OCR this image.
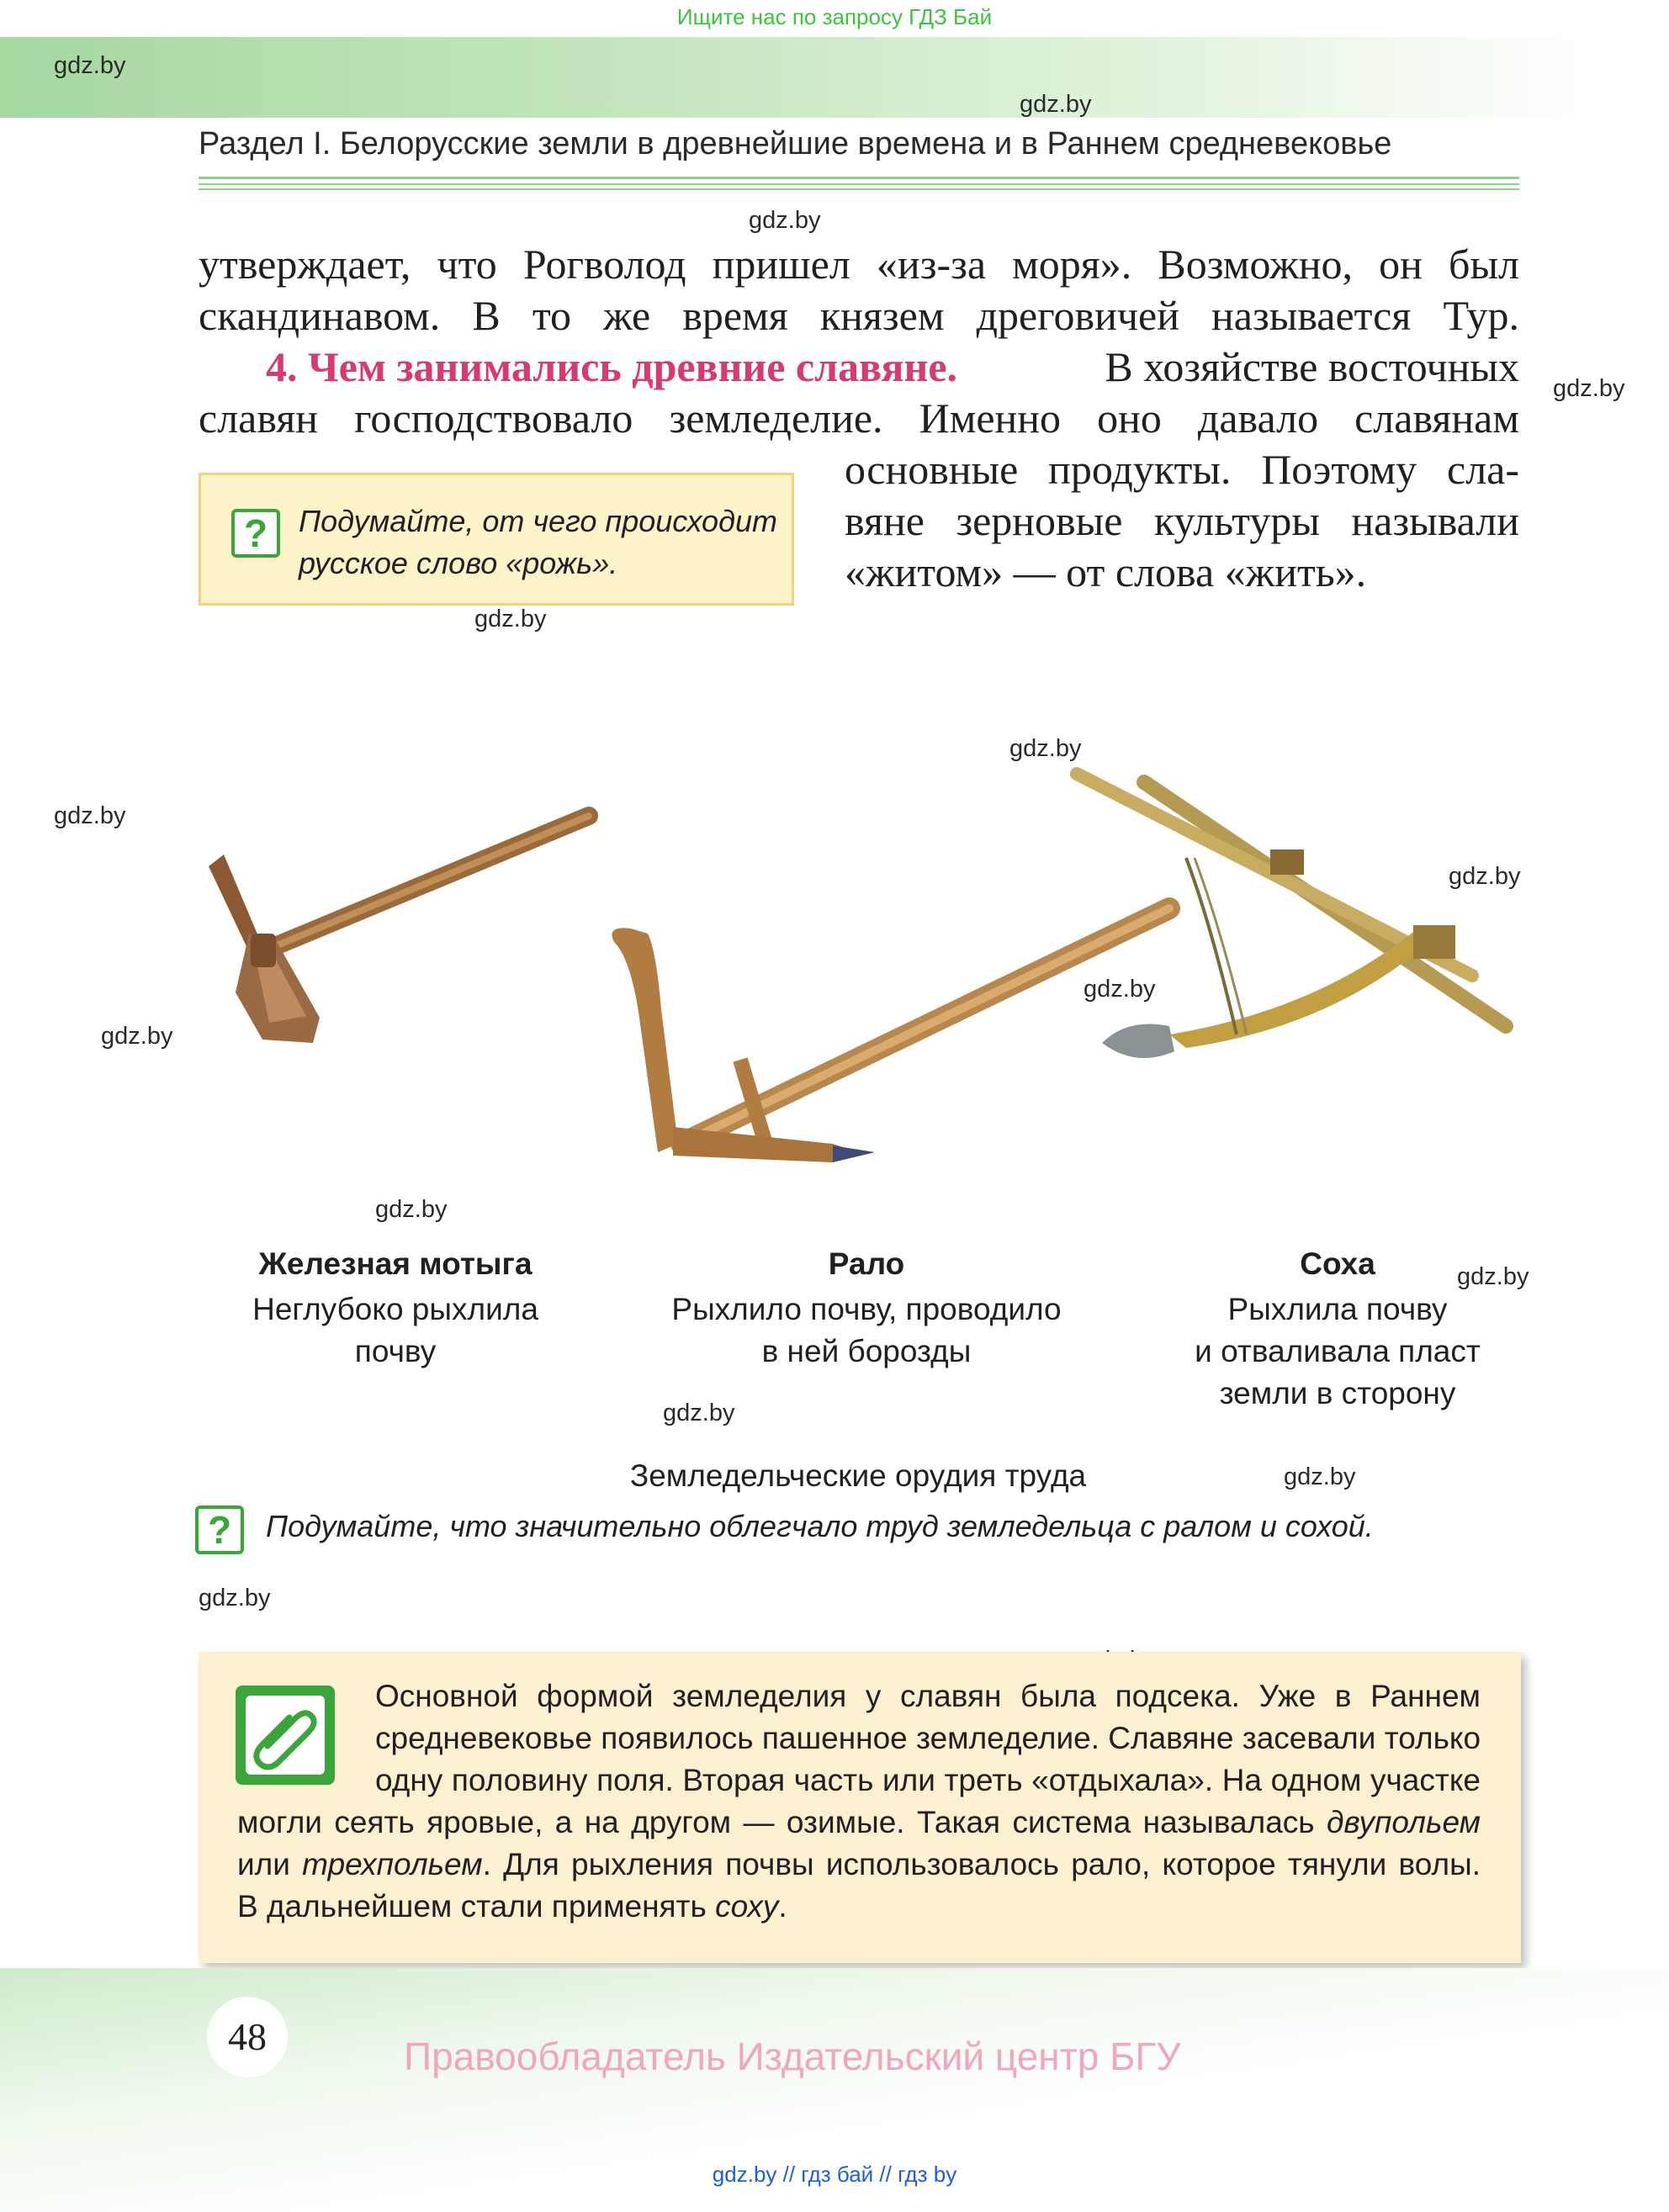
Ищите нас по запросу ГДЗ Бай
Раздел I. Белорусские земли в древнейшие времена и в Раннем средневековье
gdz.by
gdz.by
gdz.by
gdz.by
gdz.by
gdz.by
gdz.by
gdz.by
gdz.by
gdz.by
gdz.by
gdz.by
gdz.by
gdz.by
gdz.by
утверждает, что Рогволод пришел «из-за моря». Возможно, он был
скандинавом. В то же время князем дреговичей называется Тур.
4. Чем занимались древние славяне.	В хозяйстве восточных
славян господствовало земледелие. Именно оно давало славянам
основные продукты. Поэтому сла-
вяне зерновые культуры называли
«житом» — от слова «жить».
?	Подумайте, от чего происходит
русское слово «рожь».
Железная мотыга
Неглубоко рыхлила
почву
Рало
Рыхлило почву, проводило
в ней борозды
Соха
Рыхлила почву
и отваливала пласт
земли в сторону
Земледельческие орудия труда
?	Подумайте, что значительно облегчало труд земледельца с ралом и сохой.
Основной формой земледелия у славян была подсека. Уже в Раннем
средневековье появилось пашенное земледелие. Славяне засевали только
одну половину поля. Вторая часть или треть «отдыхала». На одном участке
могли сеять яровые, а на другом — озимые. Такая система называлась двупольем
или трехпольем. Для рыхления почвы использовалось рало, которое тянули волы.
В дальнейшем стали применять соху.
48	Правообладатель Издательский центр БГУ
gdz.by // гдз бай // гдз by
